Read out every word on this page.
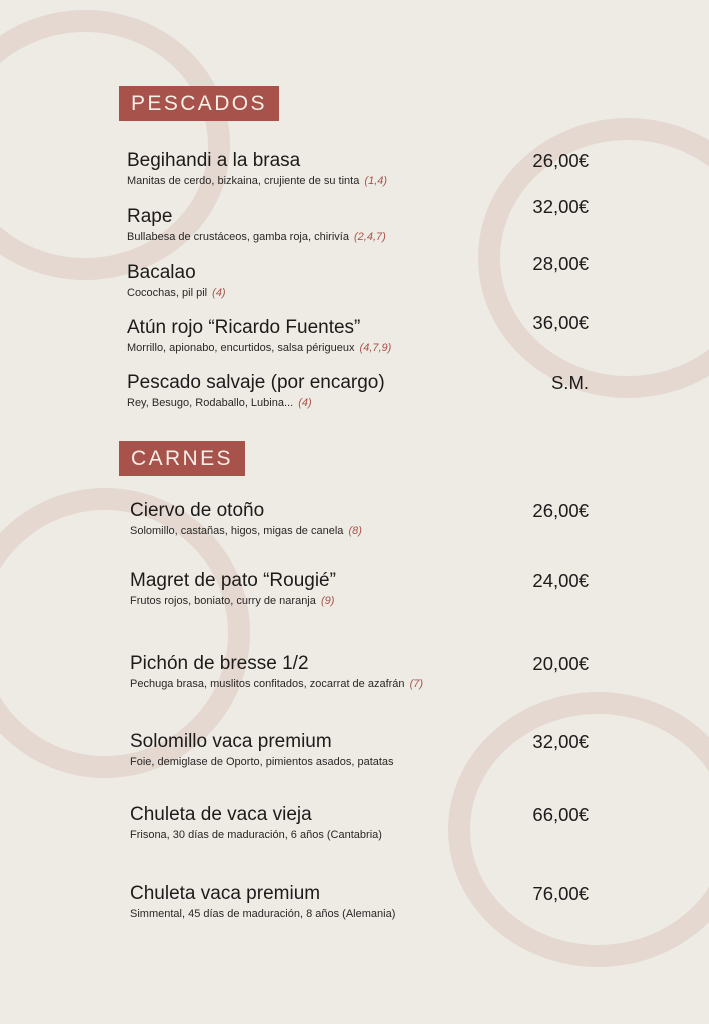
PESCADOS
Begihandi a la brasa
Manitas de cerdo, bizkaina, crujiente de su tinta (1,4)
26,00€
Rape
Bullabesa de crustáceos, gamba roja, chirivía (2,4,7)
32,00€
Bacalao
Cocochas, pil pil (4)
28,00€
Atún rojo “Ricardo Fuentes”
Morrillo, apionabo, encurtidos, salsa périgueux (4,7,9)
36,00€
Pescado salvaje (por encargo)
Rey, Besugo, Rodaballo, Lubina... (4)
S.M.
CARNES
Ciervo de otoño
Solomillo, castañas, higos, migas de canela (8)
26,00€
Magret de pato “Rougié”
Frutos rojos, boniato, curry de naranja (9)
24,00€
Pichón de bresse 1/2
Pechuga brasa, muslitos confitados, zocarrat de azafrán (7)
20,00€
Solomillo vaca premium
Foie, demiglase de Oporto, pimientos asados, patatas
32,00€
Chuleta de vaca vieja
Frisona, 30 días de maduración, 6 años (Cantabria)
66,00€
Chuleta vaca premium
Simmental, 45 días de maduración, 8 años (Alemania)
76,00€
